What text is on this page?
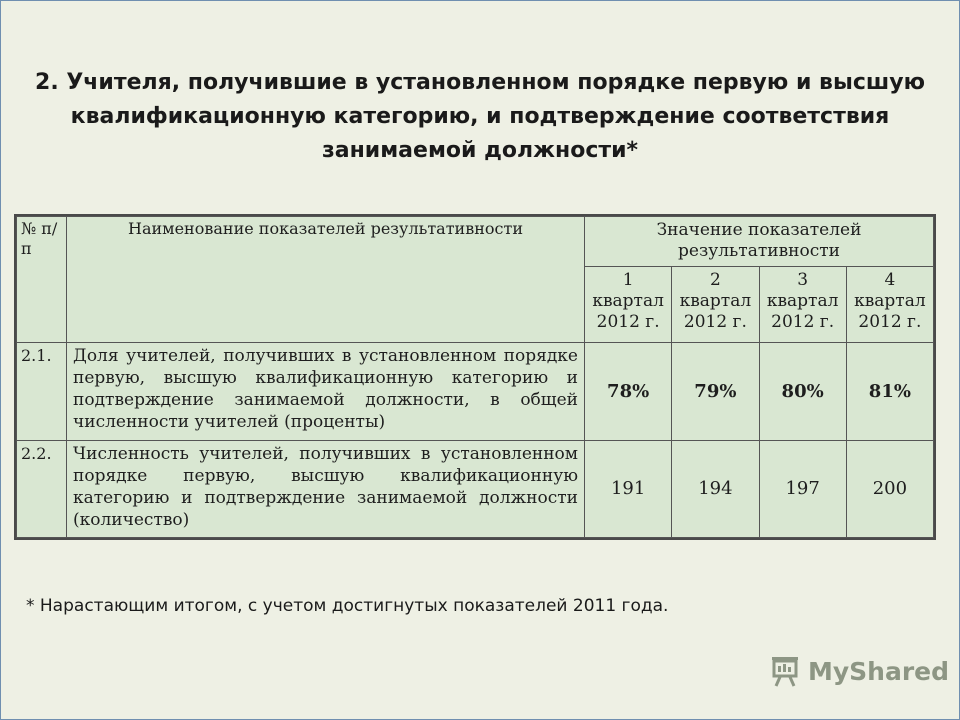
2. Учителя, получившие в установленном порядке первую и высшую квалификационную категорию, и подтверждение соответствия занимаемой должности*
№ п/п	Наименование показателей результативности	Значение показателей результативности			
		1 квартал 2012 г.	2 квартал 2012 г.	3 квартал 2012 г.	4 квартал 2012 г.
2.1.	Доля учителей, получивших в установленном порядке первую, высшую квалификационную категорию и подтверждение занимаемой должности, в общей численности учителей (проценты)	78%	79%	80%	81%
2.2.	Численность учителей, получивших в установленном порядке первую, высшую квалификационную категорию и подтверждение занимаемой должности (количество)	191	194	197	200
* Нарастающим итогом, с учетом достигнутых показателей 2011 года.
MyShared
